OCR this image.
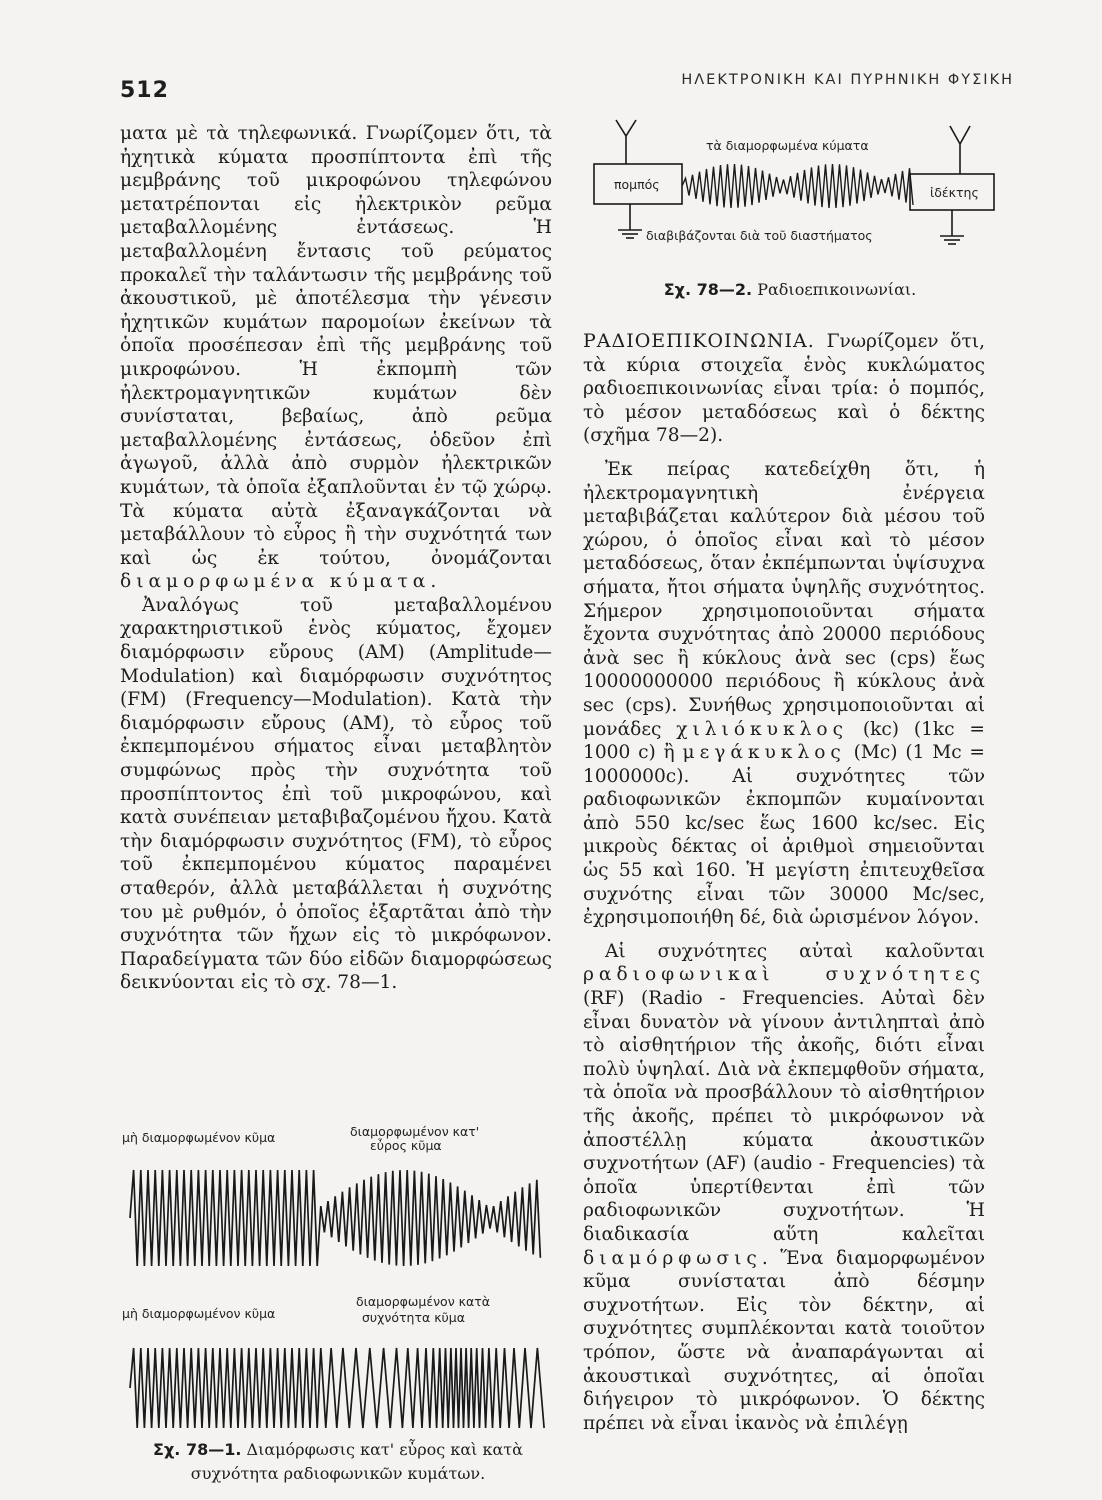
512	ΗΛΕΚΤΡΟΝΙΚΗ ΚΑΙ ΠΥΡΗΝΙΚΗ ΦΥΣΙΚΗ

ματα μὲ τὰ τηλεφωνικά. Γνωρίζομεν ὅτι, τὰ ἠχητικὰ κύματα προσπίπτοντα ἐπὶ τῆς μεμβράνης τοῦ μικροφώνου τηλεφώνου μετατρέπονται εἰς ἠλεκτρικὸν ρεῦμα μεταβαλλομένης ἐντάσεως. Ἡ μεταβαλλομένη ἔντασις τοῦ ρεύματος προκαλεῖ τὴν ταλάντωσιν τῆς μεμβράνης τοῦ ἀκουστικοῦ, μὲ ἀποτέλεσμα τὴν γένεσιν ἠχητικῶν κυμάτων παρομοίων ἐκείνων τὰ ὁποῖα προσέπεσαν ἐπὶ τῆς μεμβράνης τοῦ μικροφώνου. Ἡ ἐκπομπὴ τῶν ἠλεκτρομαγνητικῶν κυμάτων δὲν συνίσταται, βεβαίως, ἀπὸ ρεῦμα μεταβαλλομένης ἐντάσεως, ὁδεῦον ἐπὶ ἀγωγοῦ, ἀλλὰ ἀπὸ συρμὸν ἠλεκτρικῶν κυμάτων, τὰ ὁποῖα ἐξαπλοῦνται ἐν τῷ χώρῳ. Τὰ κύματα αὐτὰ ἐξαναγκάζονται νὰ μεταβάλλουν τὸ εὖρος ἢ τὴν συχνότητά των καὶ ὡς ἐκ τούτου, ὀνομάζονται διαμορφωμένα κύματα.

Ἀναλόγως τοῦ μεταβαλλομένου χαρακτηριστικοῦ ἑνὸς κύματος, ἔχομεν διαμόρφωσιν εὔρους (AM) (Amplitude—Modulation) καὶ διαμόρφωσιν συχνότητος (FM) (Frequency—Modulation). Κατὰ τὴν διαμόρφωσιν εὔρους (AM), τὸ εὖρος τοῦ ἐκπεμπομένου σήματος εἶναι μεταβλητὸν συμφώνως πρὸς τὴν συχνότητα τοῦ προσπίπτοντος ἐπὶ τοῦ μικροφώνου, καὶ κατὰ συνέπειαν μεταβιβαζομένου ἤχου. Κατὰ τὴν διαμόρφωσιν συχνότητος (FM), τὸ εὖρος τοῦ ἐκπεμπομένου κύματος παραμένει σταθερόν, ἀλλὰ μεταβάλλεται ἡ συχνότης του μὲ ρυθμόν, ὁ ὁποῖος ἐξαρτᾶται ἀπὸ τὴν συχνότητα τῶν ἤχων εἰς τὸ μικρόφωνον. Παραδείγματα τῶν δύο εἰδῶν διαμορφώσεως δεικνύονται εἰς τὸ σχ. 78—1.

μὴ διαμορφωμένον κῦμα	διαμορφωμένον κατ'
εὖρος κῦμα
μὴ διαμορφωμένον κῦμα
διαμορφωμένον κατὰ
συχνότητα κῦμα
Σχ. 78—1. Διαμόρφωσις κατ' εὖρος καὶ κατὰ
συχνότητα ραδιοφωνικῶν κυμάτων.
τὰ διαμορφωμένα κύματα
πομπός
ἰδέκτης
διαβιβάζονται διὰ τοῦ διαστήματος
Σχ. 78—2. Ραδιοεπικοινωνίαι.

ΡΑΔΙΟΕΠΙΚΟΙΝΩΝΙΑ. Γνωρίζομεν ὅτι, τὰ κύρια στοιχεῖα ἑνὸς κυκλώματος ραδιοεπικοινωνίας εἶναι τρία: ὁ πομπός, τὸ μέσον μεταδόσεως καὶ ὁ δέκτης (σχῆμα 78—2).

Ἐκ πείρας κατεδείχθη ὅτι, ἡ ἠλεκτρομαγνητικὴ ἐνέργεια μεταβιβάζεται καλύτερον διὰ μέσου τοῦ χώρου, ὁ ὁποῖος εἶναι καὶ τὸ μέσον μεταδόσεως, ὅταν ἐκπέμπωνται ὑψίσυχνα σήματα, ἤτοι σήματα ὑψηλῆς συχνότητος. Σήμερον χρησιμοποιοῦνται σήματα ἔχοντα συχνότητας ἀπὸ 20000 περιόδους ἀνὰ sec ἢ κύκλους ἀνὰ sec (cps) ἕως 10000000000 περιόδους ἢ κύκλους ἀνὰ sec (cps). Συνήθως χρησιμοποιοῦνται αἱ μονάδες χιλιόκυκλος (kc) (1kc = 1000 c) ἢ μεγάκυκλος (Mc) (1 Mc = 1000000c). Αἱ συχνότητες τῶν ραδιοφωνικῶν ἐκπομπῶν κυμαίνονται ἀπὸ 550 kc/sec ἕως 1600 kc/sec. Εἰς μικροὺς δέκτας οἱ ἀριθμοὶ σημειοῦνται ὡς 55 καὶ 160. Ἡ μεγίστη ἐπιτευχθεῖσα συχνότης εἶναι τῶν 30000 Mc/sec, ἐχρησιμοποιήθη δέ, διὰ ὡρισμένον λόγον.

Αἱ συχνότητες αὐταὶ καλοῦνται ραδιοφωνικαὶ συχνότητες (RF) (Radio - Frequencies. Αὐταὶ δὲν εἶναι δυνατὸν νὰ γίνουν ἀντιληπταὶ ἀπὸ τὸ αἰσθητήριον τῆς ἀκοῆς, διότι εἶναι πολὺ ὑψηλαί. Διὰ νὰ ἐκπεμφθοῦν σήματα, τὰ ὁποῖα νὰ προσβάλλουν τὸ αἰσθητήριον τῆς ἀκοῆς, πρέπει τὸ μικρόφωνον νὰ ἀποστέλλῃ κύματα ἀκουστικῶν συχνοτήτων (AF) (audio - Frequencies) τὰ ὁποῖα ὑπερτίθενται ἐπὶ τῶν ραδιοφωνικῶν συχνοτήτων. Ἡ διαδικασία αὕτη καλεῖται διαμόρφωσις. Ἕνα διαμορφωμένον κῦμα συνίσταται ἀπὸ δέσμην συχνοτήτων. Εἰς τὸν δέκτην, αἱ συχνότητες συμπλέκονται κατὰ τοιοῦτον τρόπον, ὥστε νὰ ἀναπαράγωνται αἱ ἀκουστικαὶ συχνότητες, αἱ ὁποῖαι διήγειρον τὸ μικρόφωνον. Ὁ δέκτης πρέπει νὰ εἶναι ἱκανὸς νὰ ἐπιλέγῃ
